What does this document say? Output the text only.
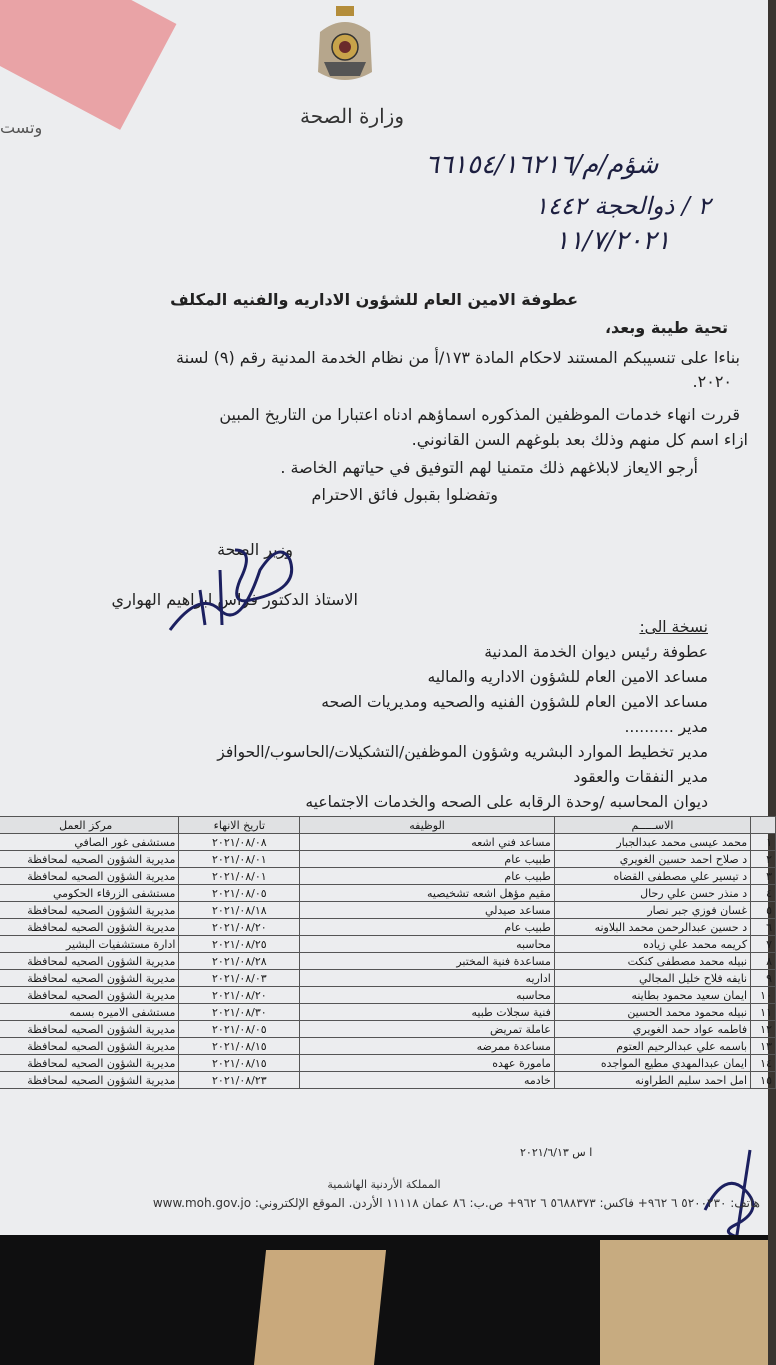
وتست	وزارة الصحة
شؤم/م/٦٦١٥٤/١٦٢١٦
٢ / ذوالحجة ١٤٤٢
١١/٧/٢٠٢١
عطوفة الامين العام للشؤون الاداريه والفنيه المكلف
تحية طيبة وبعد،
بناءا على تنسيبكم المستند لاحكام المادة ١٧٣/أ من نظام الخدمة المدنية رقم (٩) لسنة
٢٠٢٠.
قررت انهاء خدمات الموظفين المذكوره اسماؤهم ادناه اعتبارا من التاريخ المبين
ازاء اسم كل منهم وذلك بعد بلوغهم السن القانوني.
أرجو الايعاز لابلاغهم ذلك متمنيا لهم التوفيق في حياتهم الخاصة .
وتفضلوا بقبول فائق الاحترام
وزير الصحة
الاستاذ الدكتور فراس ابراهيم الهواري
نسخة الى:
عطوفة رئيس ديوان الخدمة المدنية
مساعد الامين العام للشؤون الاداريه والماليه
مساعد الامين العام للشؤون الفنيه والصحيه ومديريات الصحه
مدير ..........
مدير تخطيط الموارد البشريه وشؤون الموظفين/التشكيلات/الحاسوب/الحوافز
مدير النفقات والعقود
ديوان المحاسبه /وحدة الرقابه على الصحه والخدمات الاجتماعيه
	الاســـــم	الوظيفه	تاريخ الانهاء	مركز العمل
١	محمد عيسى محمد عبدالجبار	مساعد فني اشعه	٢٠٢١/٠٨/٠٨	مستشفى غور الصافي
٢	د صلاح احمد حسين الغويري	طبيب عام	٢٠٢١/٠٨/٠١	مديرية الشؤون الصحيه لمحافظة
٣	د تيسير علي مصطفى القضاه	طبيب عام	٢٠٢١/٠٨/٠١	مديرية الشؤون الصحيه لمحافظة
٤	د منذر حسن علي رحال	مقيم مؤهل اشعه تشخيصيه	٢٠٢١/٠٨/٠٥	مستشفى الزرقاء الحكومي
٥	غسان فوزي جبر نصار	مساعد صيدلي	٢٠٢١/٠٨/١٨	مديرية الشؤون الصحيه لمحافظة
٦	د حسين عبدالرحمن محمد البلاونه	طبيب عام	٢٠٢١/٠٨/٢٠	مديرية الشؤون الصحيه لمحافظة
٧	كريمه محمد علي زياده	محاسبه	٢٠٢١/٠٨/٢٥	ادارة مستشفيات البشير
٨	نبيله محمد مصطفى كنكت	مساعدة فنية المختبر	٢٠٢١/٠٨/٢٨	مديرية الشؤون الصحيه لمحافظة
٩	نايفه فلاح خليل المجالي	اداريه	٢٠٢١/٠٨/٠٣	مديرية الشؤون الصحيه لمحافظة
١٠	ايمان سعيد محمود بطاينه	محاسبه	٢٠٢١/٠٨/٢٠	مديرية الشؤون الصحيه لمحافظة
١١	نبيله محمود محمد الحسين	فنية سجلات طبيه	٢٠٢١/٠٨/٣٠	مستشفى الاميره بسمه
١٢	فاطمه عواد حمد الغويري	عاملة تمريض	٢٠٢١/٠٨/٠٥	مديرية الشؤون الصحيه لمحافظة
١٣	باسمه علي عبدالرحيم العتوم	مساعدة ممرضه	٢٠٢١/٠٨/١٥	مديرية الشؤون الصحيه لمحافظة
١٤	ايمان عبدالمهدي مطيع المواجده	مامورة عهده	٢٠٢١/٠٨/١٥	مديرية الشؤون الصحيه لمحافظة
١٥	امل احمد سليم الطراونه	خادمه	٢٠٢١/٠٨/٢٣	مديرية الشؤون الصحيه لمحافظة
ا س ٢٠٢١/٦/١٣
المملكة الأردنية الهاشمية
هاتف: ٥٢٠٠٢٣٠ ٦ ٩٦٢+ فاكس: ٥٦٨٨٣٧٣ ٦ ٩٦٢+ ص.ب: ٨٦ عمان ١١١١٨ الأردن. الموقع الإلكتروني: www.moh.gov.jo
